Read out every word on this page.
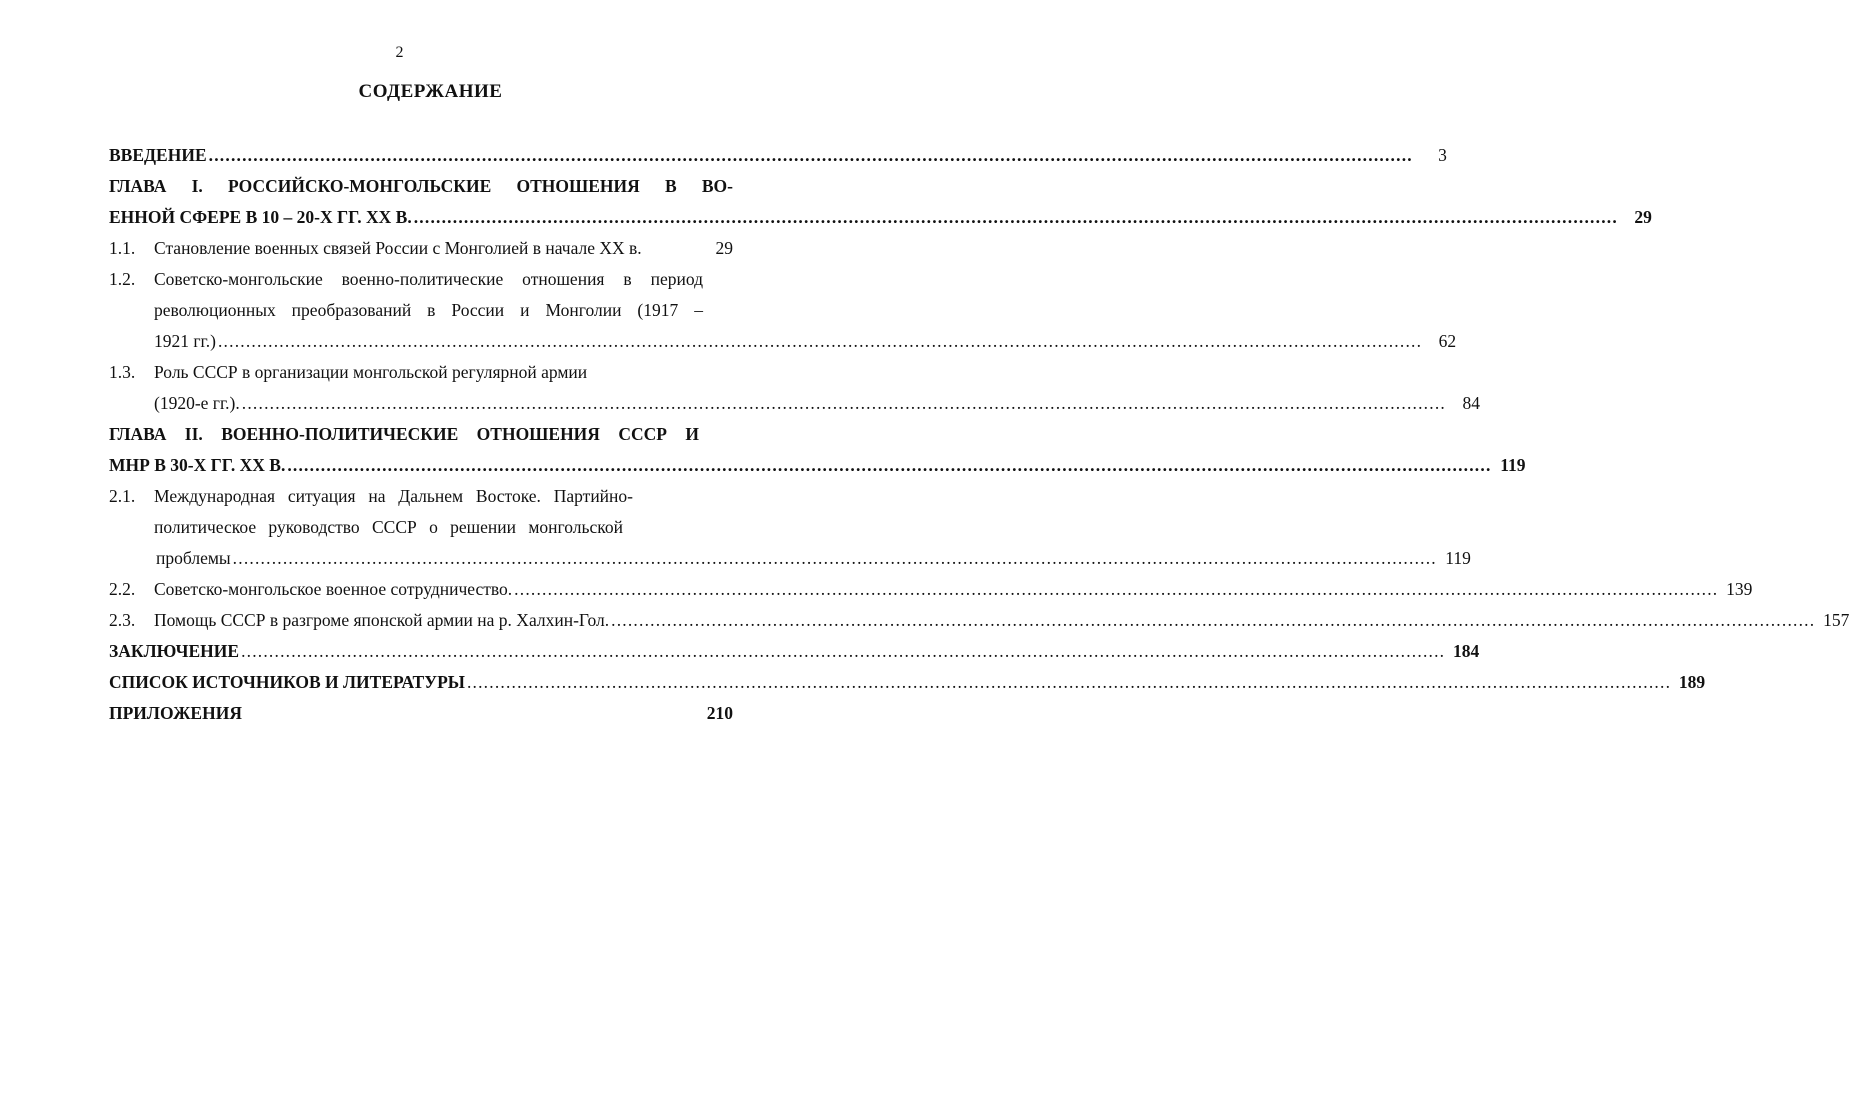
2
СОДЕРЖАНИЕ
ВВЕДЕНИЕ .....	3
ГЛАВА I. РОССИЙСКО-МОНГОЛЬСКИЕ ОТНОШЕНИЯ В ВО-
ЕННОЙ СФЕРЕ В 10 – 20-Х ГГ. ХХ В. .....	29
1.1.	Становление военных связей России с Монголией в начале XX в.	29
1.2.	Советско-монгольские военно-политические отношения в период
революционных преобразований в России и Монголии (1917 –
1921 гг.) .....	62
1.3.	Роль СССР в организации монгольской регулярной армии
(1920-е гг.). .....	84
ГЛАВА II. ВОЕННО-ПОЛИТИЧЕСКИЕ ОТНОШЕНИЯ СССР И
МНР В 30-Х ГГ. ХХ В. .....	119
2.1.	Международная ситуация на Дальнем Востоке. Партийно-
политическое руководство СССР о решении монгольской
проблемы .....	119
2.2.	Советско-монгольское военное сотрудничество. .....	139
2.3.	Помощь СССР в разгроме японской армии на р. Халхин-Гол. .....	157
ЗАКЛЮЧЕНИЕ .....	184
СПИСОК ИСТОЧНИКОВ И ЛИТЕРАТУРЫ .....	189
ПРИЛОЖЕНИЯ	210
